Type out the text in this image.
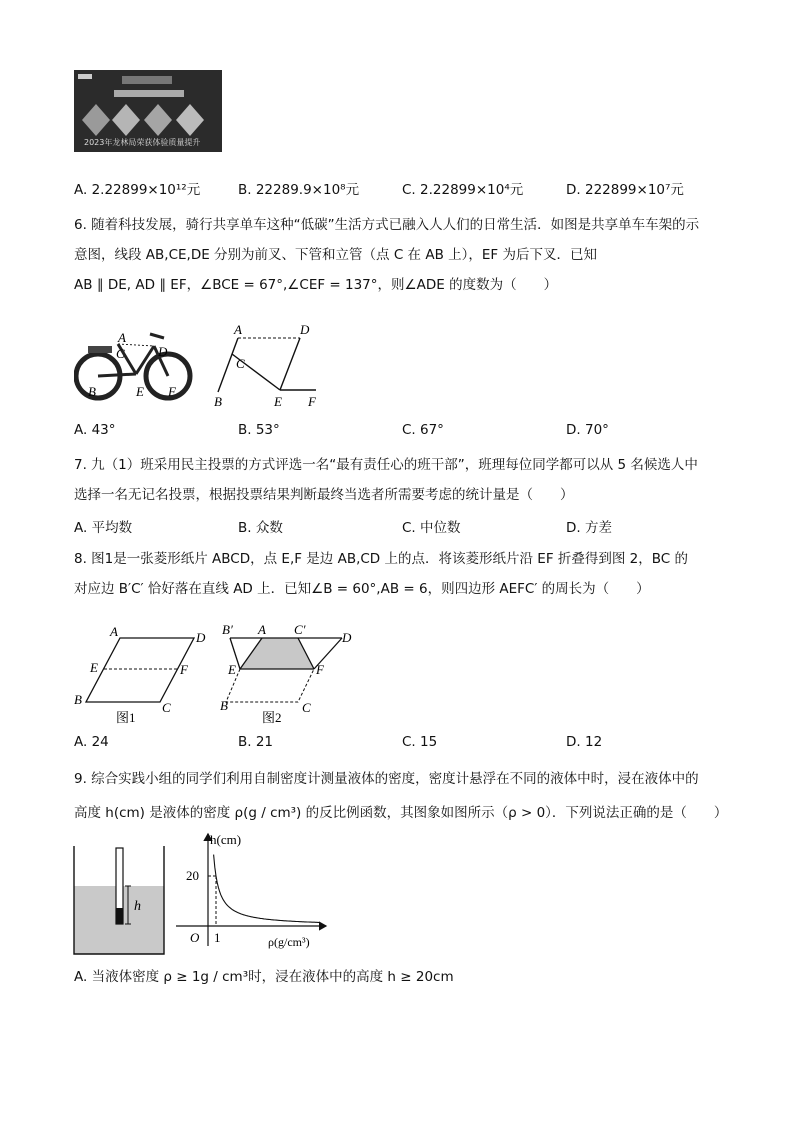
2023年龙林局荣获体验质量提升
A. 2.22899×10¹²元	B. 22289.9×10⁸元	C. 2.22899×10⁴元	D. 222899×10⁷元
6. 随着科技发展，骑行共享单车这种“低碳”生活方式已融入人人们的日常生活．如图是共享单车车架的示
意图，线段 AB,CE,DE 分别为前叉、下管和立管（点 C 在 AB 上），EF 为后下叉．已知
AB ∥ DE, AD ∥ EF，∠BCE = 67°,∠CEF = 137°，则∠ADE 的度数为（　　）
A
C	D
B	E F
A
C
D
B	E F
A. 43°	B. 53°	C. 67°	D. 70°
7. 九（1）班采用民主投票的方式评选一名“最有责任心的班干部”，班理每位同学都可以从 5 名候选人中
选择一名无记名投票，根据投票结果判断最终当选者所需要考虑的统计量是（　　）
A. 平均数	B. 众数	C. 中位数	D. 方差
8. 图1是一张菱形纸片 ABCD，点 E,F 是边 AB,CD 上的点．将该菱形纸片沿 EF 折叠得到图 2，BC 的
对应边 B′C′ 恰好落在直线 AD 上．已知∠B = 60°,AB = 6，则四边形 AEFC′ 的周长为（　　）
A	D
E	F
B
C
图1
B′ A C′
D
E	F
B	C
图2
A. 24	B. 21	C. 15	D. 12
9. 综合实践小组的同学们利用自制密度计测量液体的密度，密度计悬浮在不同的液体中时，浸在液体中的
高度 h(cm) 是液体的密度 ρ(g / cm³) 的反比例函数，其图象如图所示（ρ > 0）．下列说法正确的是（　　）
h
h(cm)
ρ(g/cm³)
20
1
O
A. 当液体密度 ρ ≥ 1g / cm³时，浸在液体中的高度 h ≥ 20cm
